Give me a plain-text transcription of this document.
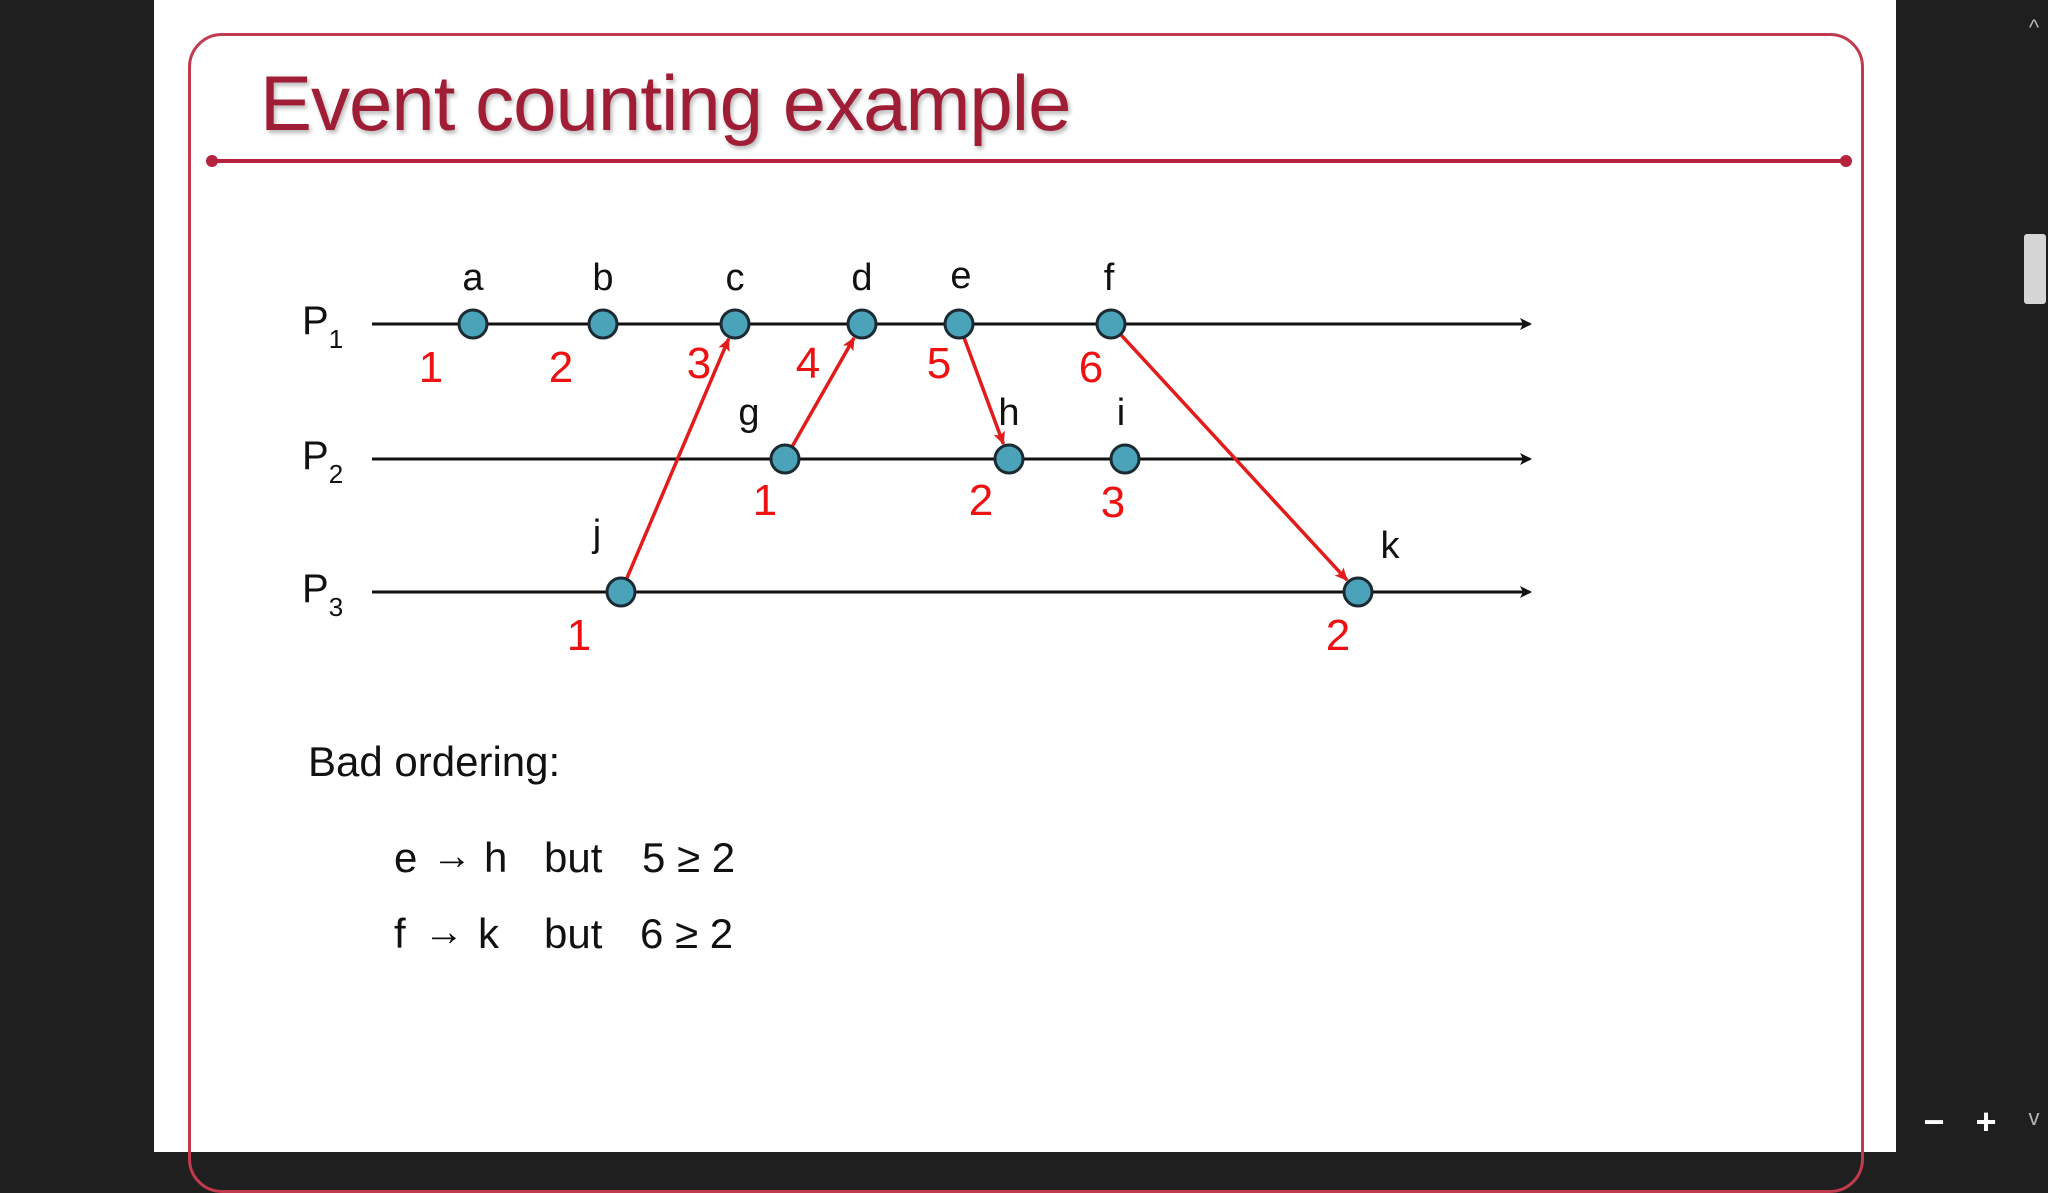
Event counting example
$P_1$
$P_2$
$P_3$
a
1
b
2
c
3
d
4
e
5
f
6
g
1
h
2
i
3
j
1
k
2
Bad ordering:
e → h but 5 ≥ 2
f → k but 6 ≥ 2
^
v
− +
